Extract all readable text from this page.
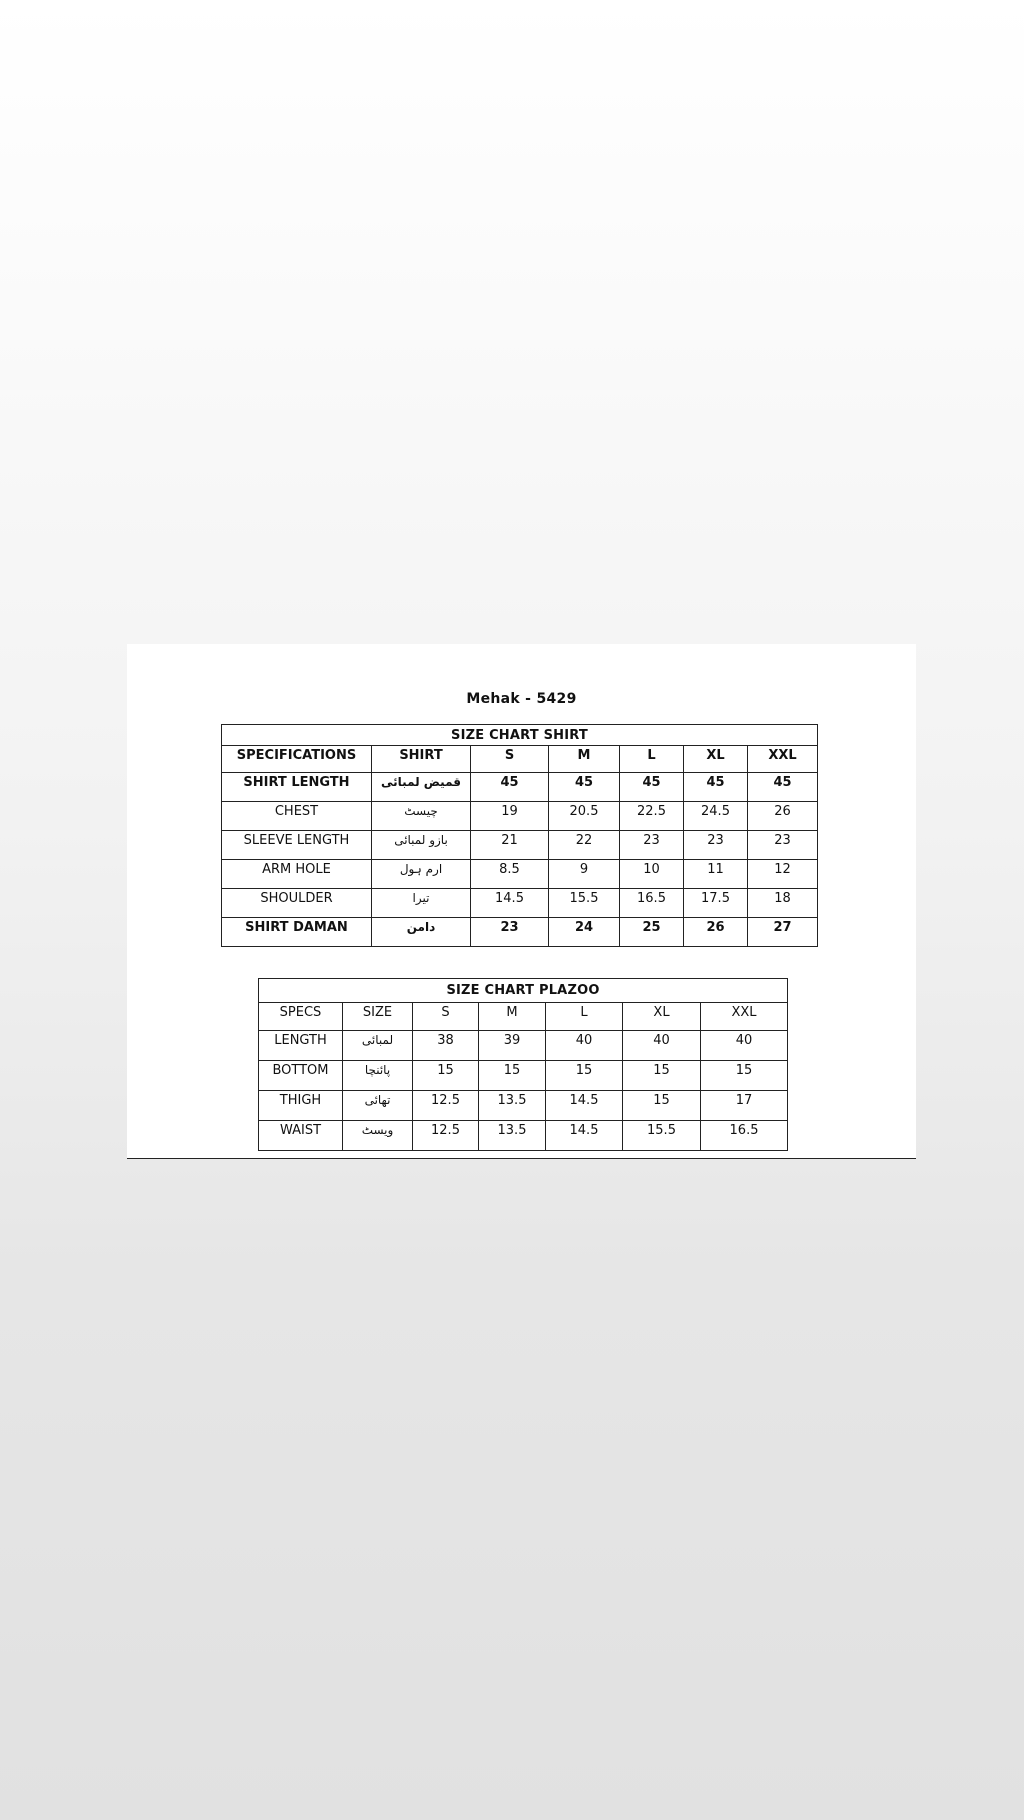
Mehak - 5429
SIZE CHART SHIRT						
SPECIFICATIONS	SHIRT	S	M	L	XL	XXL
SHIRT LENGTH	قمیض لمبائی	45	45	45	45	45
CHEST	چیسٹ	19	20.5	22.5	24.5	26
SLEEVE LENGTH	بازو لمبائی	21	22	23	23	23
ARM HOLE	ارم ہول	8.5	9	10	11	12
SHOULDER	تیرا	14.5	15.5	16.5	17.5	18
SHIRT DAMAN	دامن	23	24	25	26	27
SIZE CHART PLAZOO						
SPECS	SIZE	S	M	L	XL	XXL
LENGTH	لمبائی	38	39	40	40	40
BOTTOM	پائنچا	15	15	15	15	15
THIGH	تھائی	12.5	13.5	14.5	15	17
WAIST	ویسٹ	12.5	13.5	14.5	15.5	16.5
